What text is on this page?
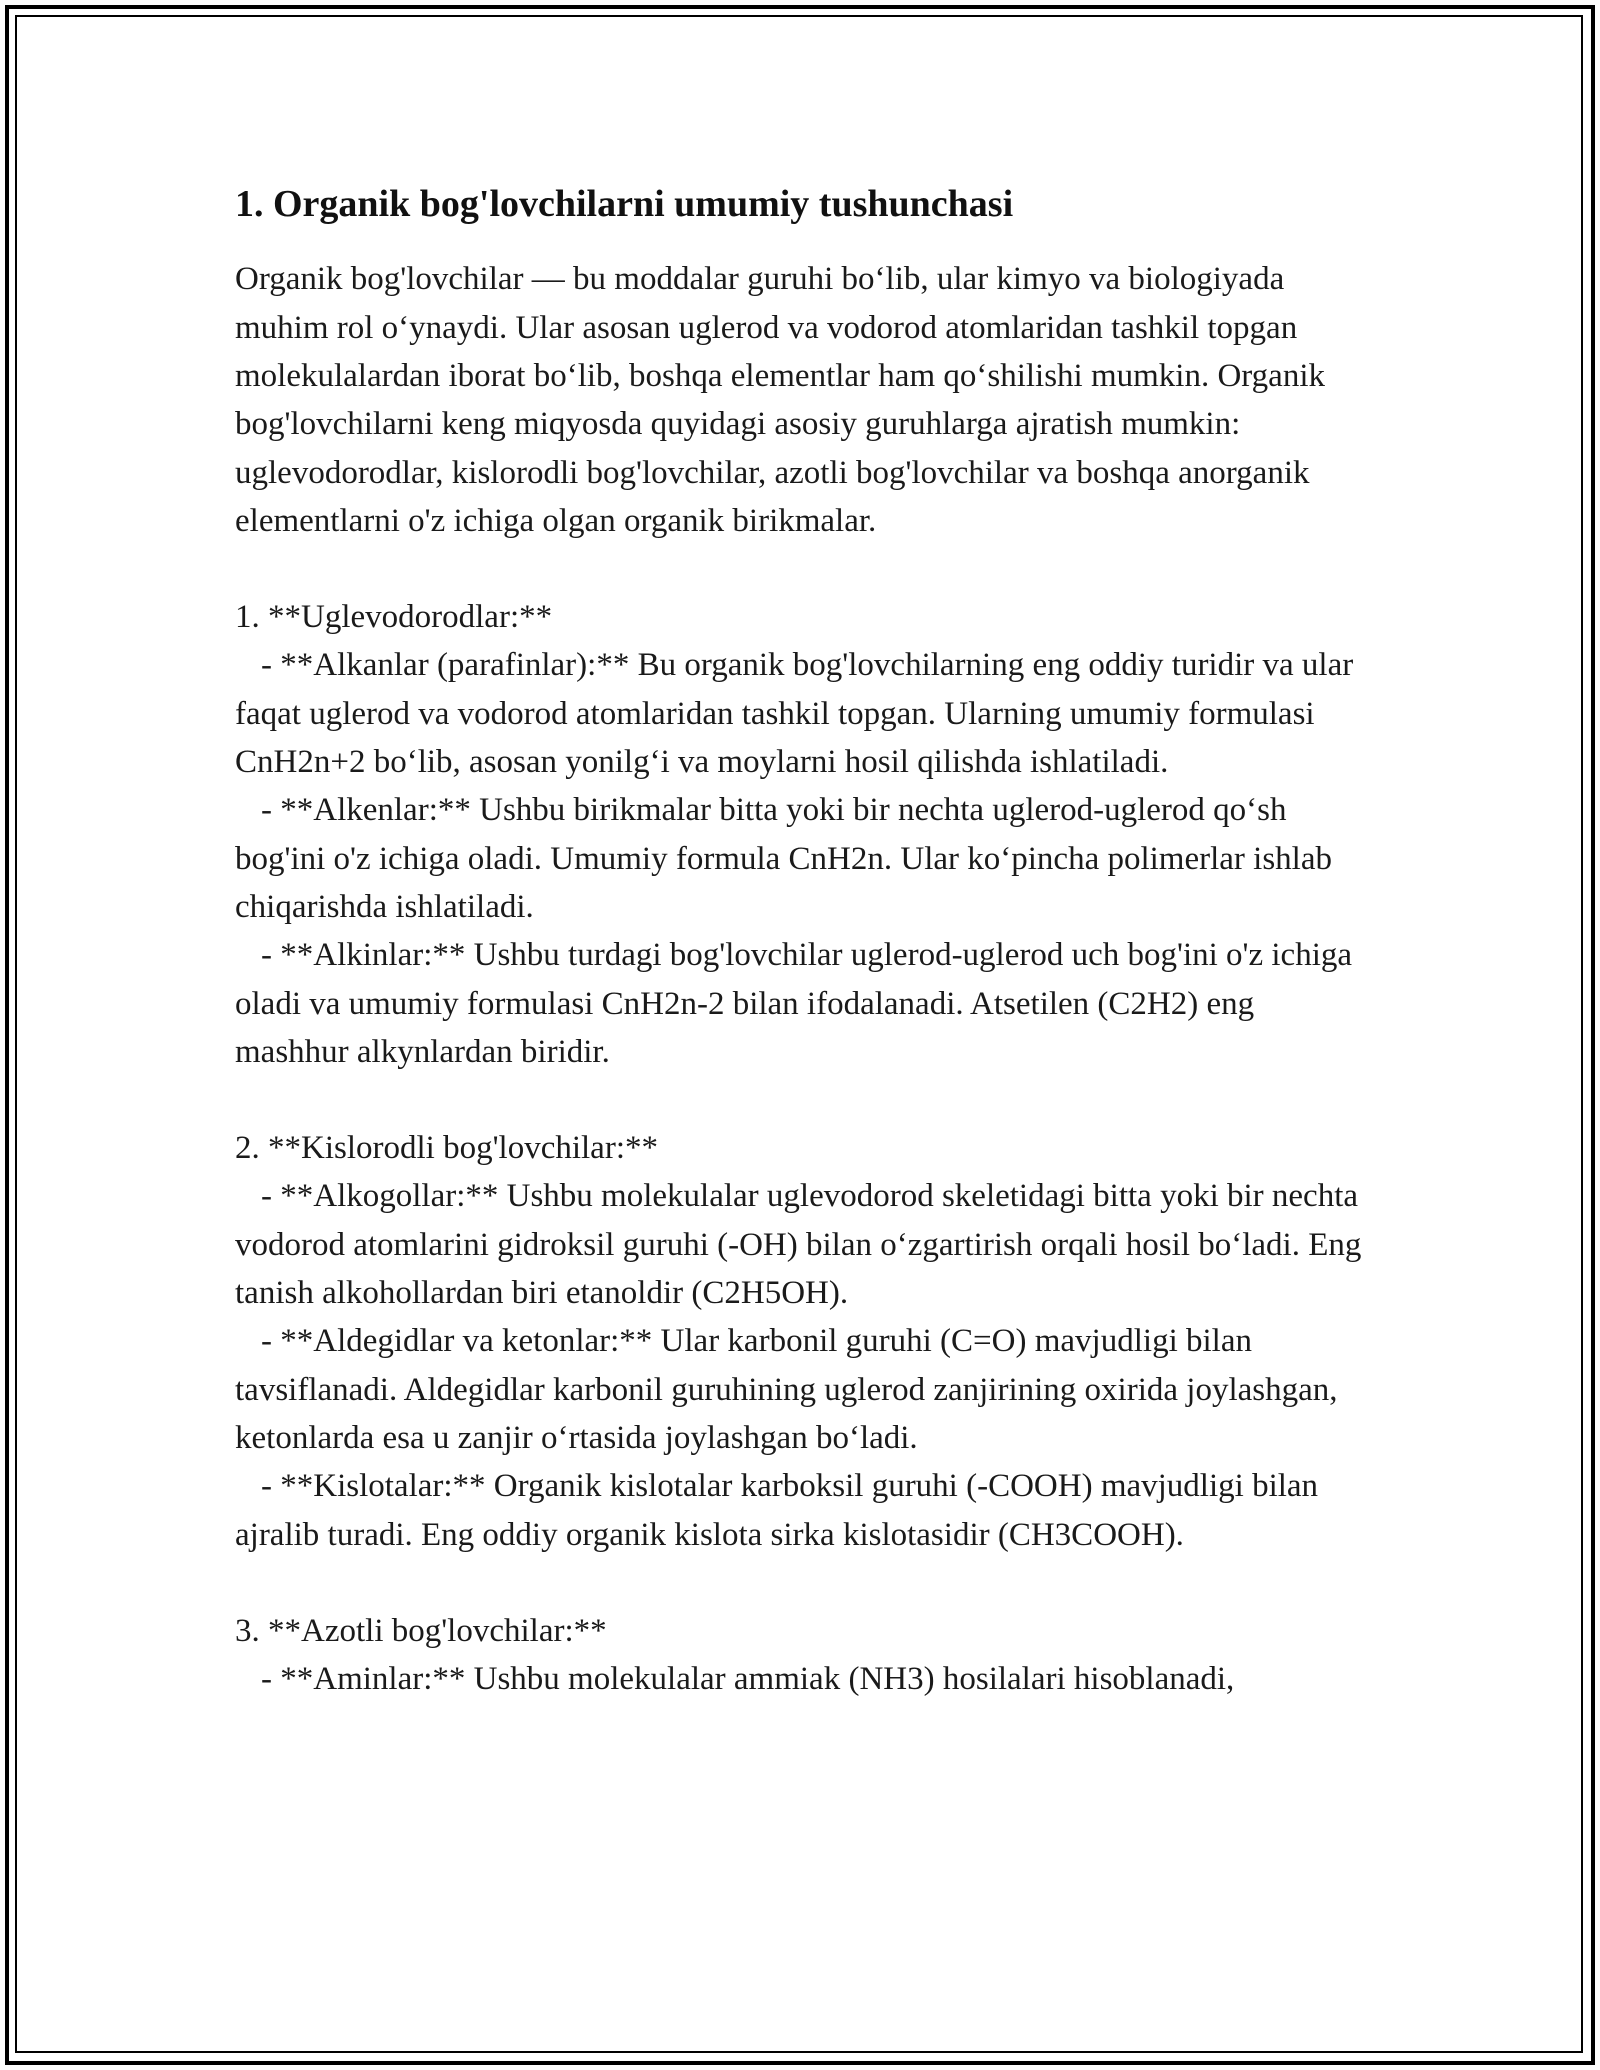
1. Organik bog'lovchilarni umumiy tushunchasi

Organik bog'lovchilar — bu moddalar guruhi bo‘lib, ular kimyo va biologiyada muhim rol o‘ynaydi. Ular asosan uglerod va vodorod atomlaridan tashkil topgan molekulalardan iborat bo‘lib, boshqa elementlar ham qo‘shilishi mumkin. Organik bog'lovchilarni keng miqyosda quyidagi asosiy guruhlarga ajratish mumkin: uglevodorodlar, kislorodli bog'lovchilar, azotli bog'lovchilar va boshqa anorganik elementlarni o'z ichiga olgan organik birikmalar.

1. **Uglevodorodlar:**

- **Alkanlar (parafinlar):** Bu organik bog'lovchilarning eng oddiy turidir va ular faqat uglerod va vodorod atomlaridan tashkil topgan. Ularning umumiy formulasi CnH2n+2 bo‘lib, asosan yonilg‘i va moylarni hosil qilishda ishlatiladi.

- **Alkenlar:** Ushbu birikmalar bitta yoki bir nechta uglerod-uglerod qo‘sh bog'ini o'z ichiga oladi. Umumiy formula CnH2n. Ular ko‘pincha polimerlar ishlab chiqarishda ishlatiladi.

- **Alkinlar:** Ushbu turdagi bog'lovchilar uglerod-uglerod uch bog'ini o'z ichiga oladi va umumiy formulasi CnH2n-2 bilan ifodalanadi. Atsetilen (C2H2) eng mashhur alkynlardan biridir.

2. **Kislorodli bog'lovchilar:**

- **Alkogollar:** Ushbu molekulalar uglevodorod skeletidagi bitta yoki bir nechta vodorod atomlarini gidroksil guruhi (-OH) bilan o‘zgartirish orqali hosil bo‘ladi. Eng tanish alkohollardan biri etanoldir (C2H5OH).

- **Aldegidlar va ketonlar:** Ular karbonil guruhi (C=O) mavjudligi bilan tavsiflanadi. Aldegidlar karbonil guruhining uglerod zanjirining oxirida joylashgan, ketonlarda esa u zanjir o‘rtasida joylashgan bo‘ladi.

- **Kislotalar:** Organik kislotalar karboksil guruhi (-COOH) mavjudligi bilan ajralib turadi. Eng oddiy organik kislota sirka kislotasidir (CH3COOH).

3. **Azotli bog'lovchilar:**

- **Aminlar:** Ushbu molekulalar ammiak (NH3) hosilalari hisoblanadi,
